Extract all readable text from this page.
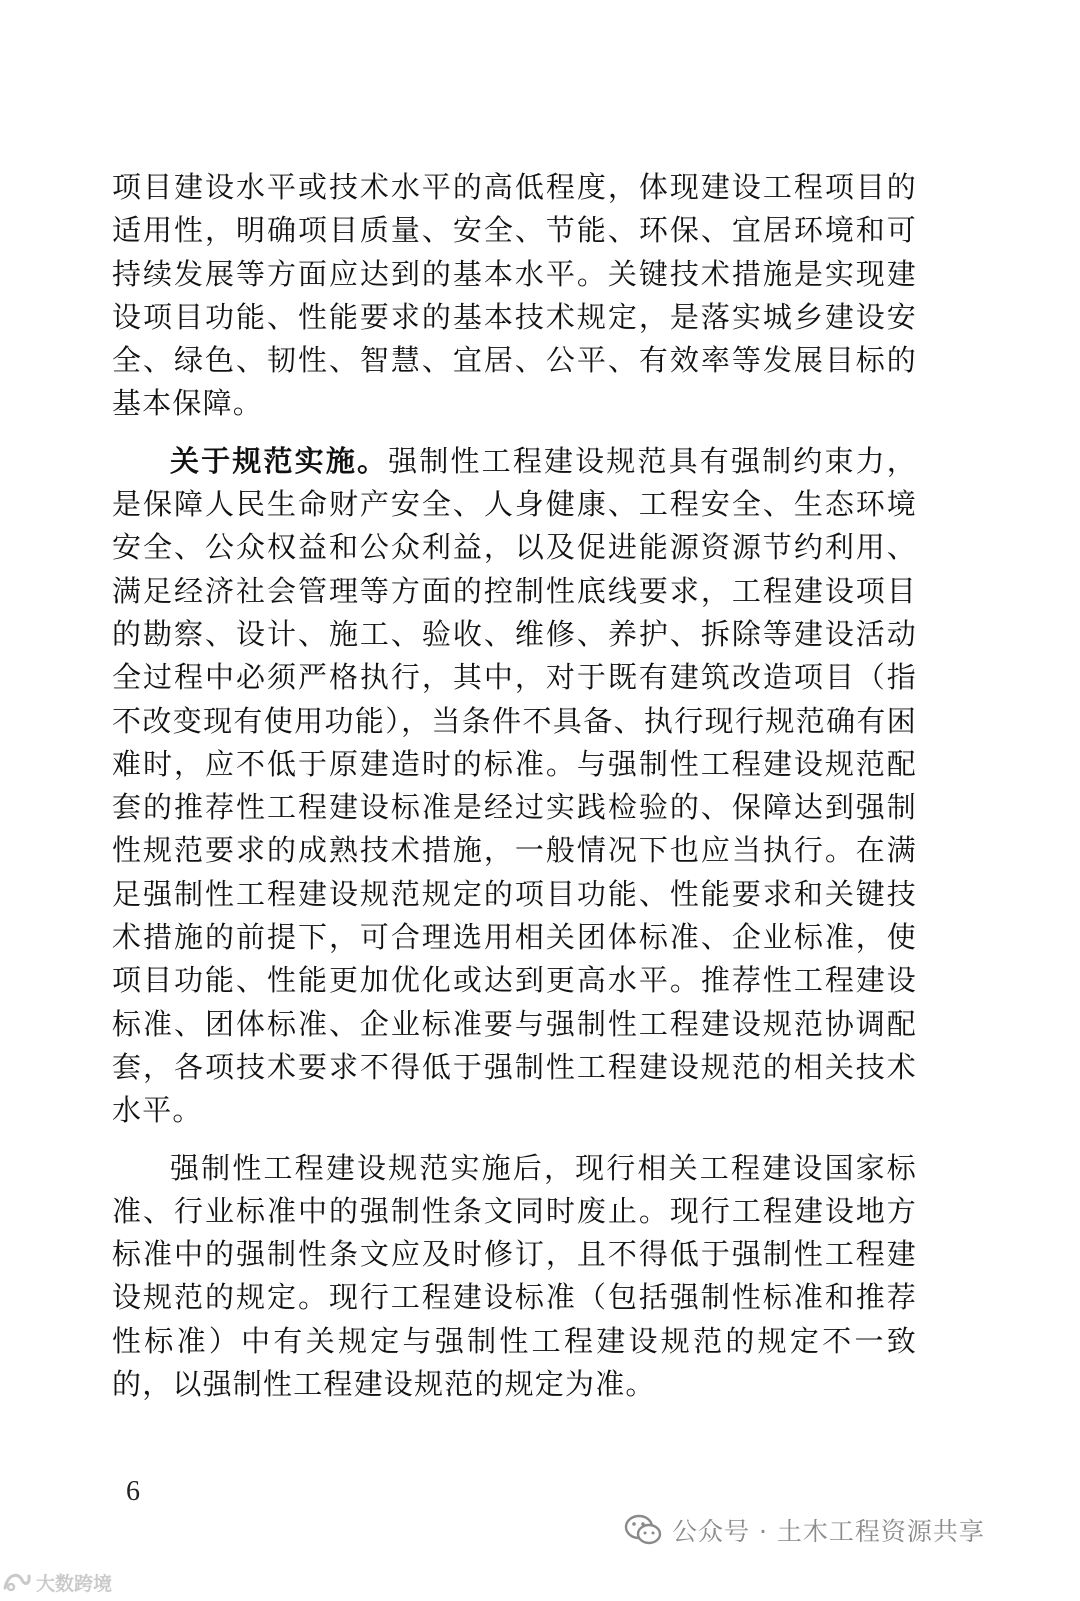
项目建设水平或技术水平的高低程度，体现建设工程项目的适用性，明确项目质量、安全、节能、环保、宜居环境和可持续发展等方面应达到的基本水平。关键技术措施是实现建设项目功能、性能要求的基本技术规定，是落实城乡建设安全、绿色、韧性、智慧、宜居、公平、有效率等发展目标的基本保障。

关于规范实施。强制性工程建设规范具有强制约束力，是保障人民生命财产安全、人身健康、工程安全、生态环境安全、公众权益和公众利益，以及促进能源资源节约利用、满足经济社会管理等方面的控制性底线要求，工程建设项目的勘察、设计、施工、验收、维修、养护、拆除等建设活动全过程中必须严格执行，其中，对于既有建筑改造项目（指不改变现有使用功能），当条件不具备、执行现行规范确有困难时，应不低于原建造时的标准。与强制性工程建设规范配套的推荐性工程建设标准是经过实践检验的、保障达到强制性规范要求的成熟技术措施，一般情况下也应当执行。在满足强制性工程建设规范规定的项目功能、性能要求和关键技术措施的前提下，可合理选用相关团体标准、企业标准，使项目功能、性能更加优化或达到更高水平。推荐性工程建设标准、团体标准、企业标准要与强制性工程建设规范协调配套，各项技术要求不得低于强制性工程建设规范的相关技术水平。

强制性工程建设规范实施后，现行相关工程建设国家标准、行业标准中的强制性条文同时废止。现行工程建设地方标准中的强制性条文应及时修订，且不得低于强制性工程建设规范的规定。现行工程建设标准（包括强制性标准和推荐性标准）中有关规定与强制性工程建设规范的规定不一致的，以强制性工程建设规范的规定为准。

6
公众号 · 土木工程资源共享
大数跨境
